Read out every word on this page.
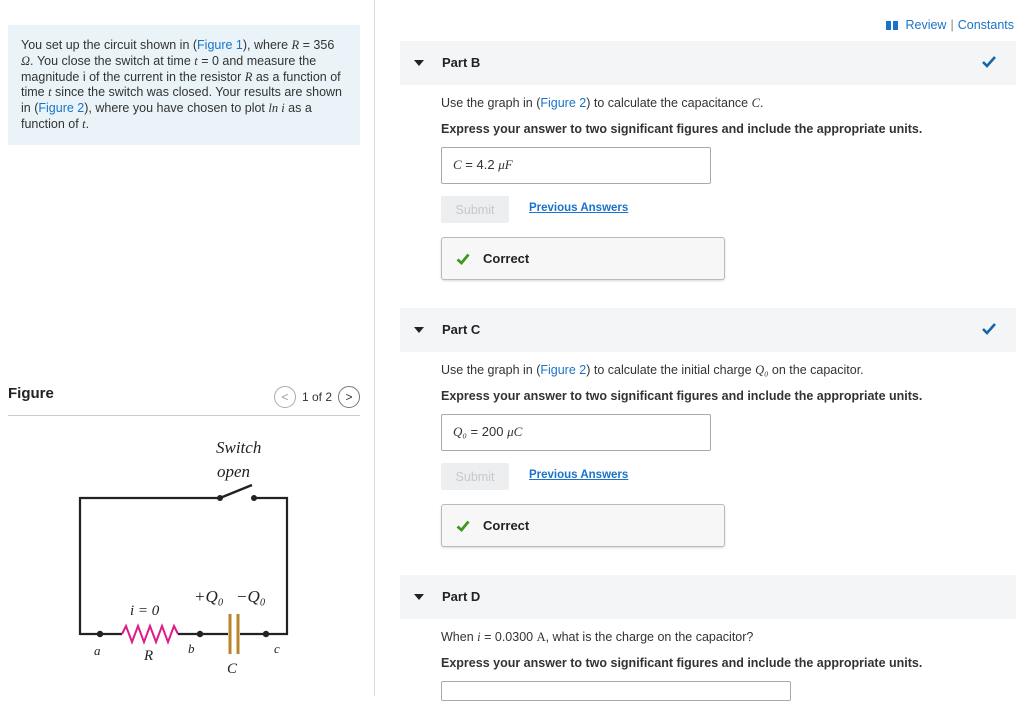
You set up the circuit shown in (Figure 1), where R = 356 Ω. You close the switch at time t = 0 and measure the magnitude i of the current in the resistor R as a function of time t since the switch was closed. Your results are shown in (Figure 2), where you have chosen to plot ln i as a function of t.
Figure	<	1 of 2	>
Switch
open
i = 0
+Q₀ −Q₀
a	R	b	c
C
Review | Constants
Part B
Use the graph in (Figure 2) to calculate the capacitance C.
Express your answer to two significant figures and include the appropriate units.
C = 4.2 μF
Submit	Previous Answers
Correct
Part C
Use the graph in (Figure 2) to calculate the initial charge Q₀ on the capacitor.
Express your answer to two significant figures and include the appropriate units.
Q₀ = 200 μC
Submit	Previous Answers
Correct
Part D
When i = 0.0300 A, what is the charge on the capacitor?
Express your answer to two significant figures and include the appropriate units.
